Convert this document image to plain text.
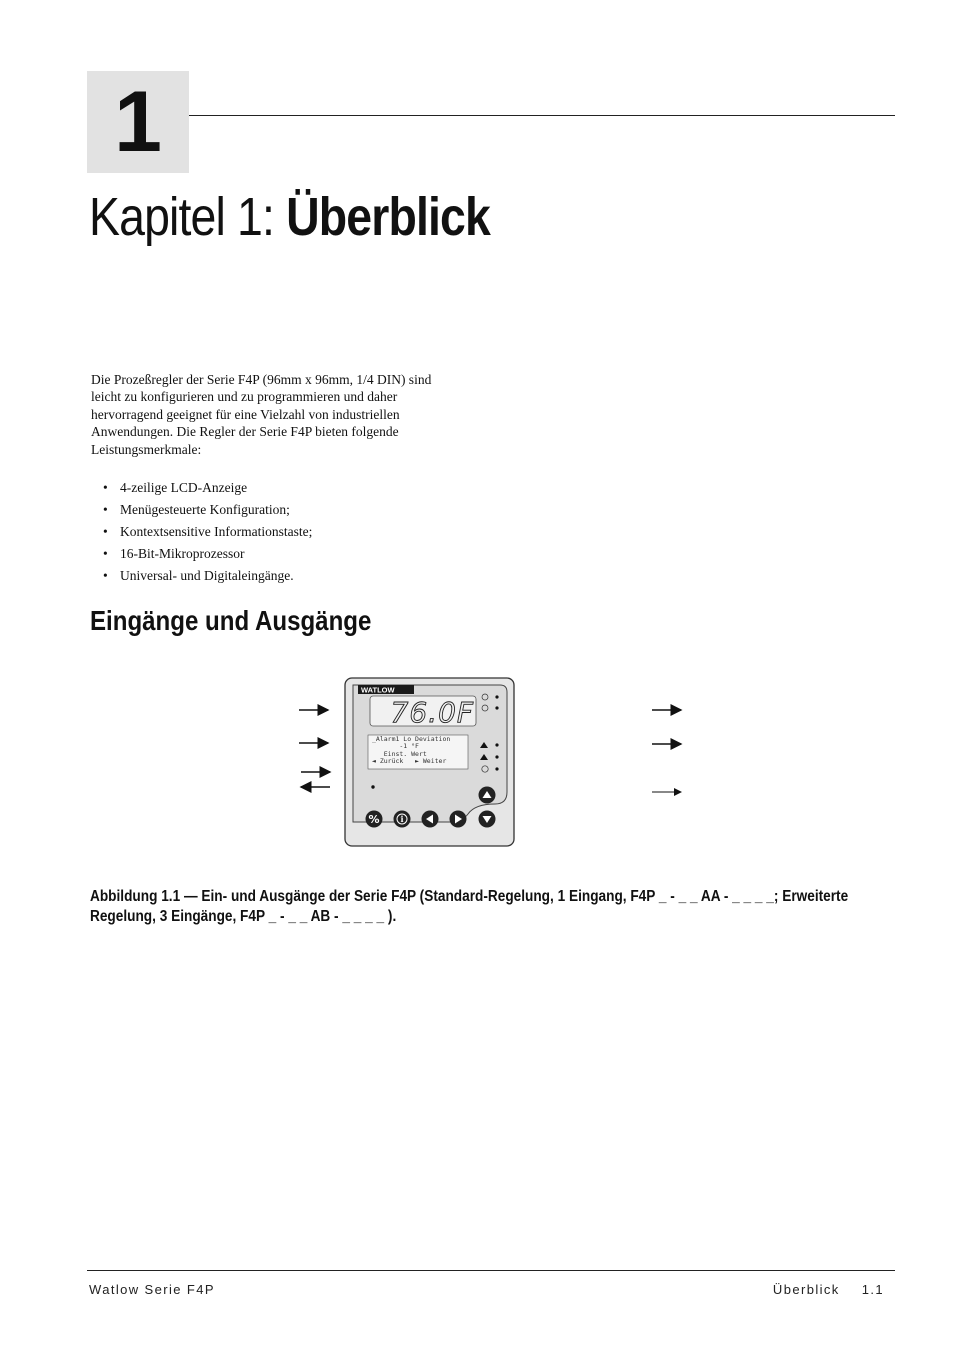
1
Kapitel 1: Überblick

Die Prozeßregler der Serie F4P (96mm x 96mm, 1/4 DIN) sind leicht zu konfigurieren und zu programmieren und daher hervorragend geeignet für eine Vielzahl von industriellen Anwendungen. Die Regler der Serie F4P bieten folgende Leistungsmerkmale:

• 4-zeilige LCD-Anzeige
• Menügesteuerte Konfiguration;
• Kontextsensitive Informationstaste;
• 16-Bit-Mikroprozessor
• Universal- und Digitaleingänge.
Eingänge und Ausgänge
WATLOW
76.0F
%	i
_Alarm1 Lo Deviation
-1 °F
Einst. Wert
◄ Zurück   ► Weiter

Abbildung 1.1 — Ein- und Ausgänge der Serie F4P (Standard-Regelung, 1 Eingang, F4P _ - _ _ AA - _ _ _ _; Erweiterte Regelung, 3 Eingänge, F4P _ - _ _ AB - _ _ _ _ ).

Watlow Serie F4P	Überblick 1.1
